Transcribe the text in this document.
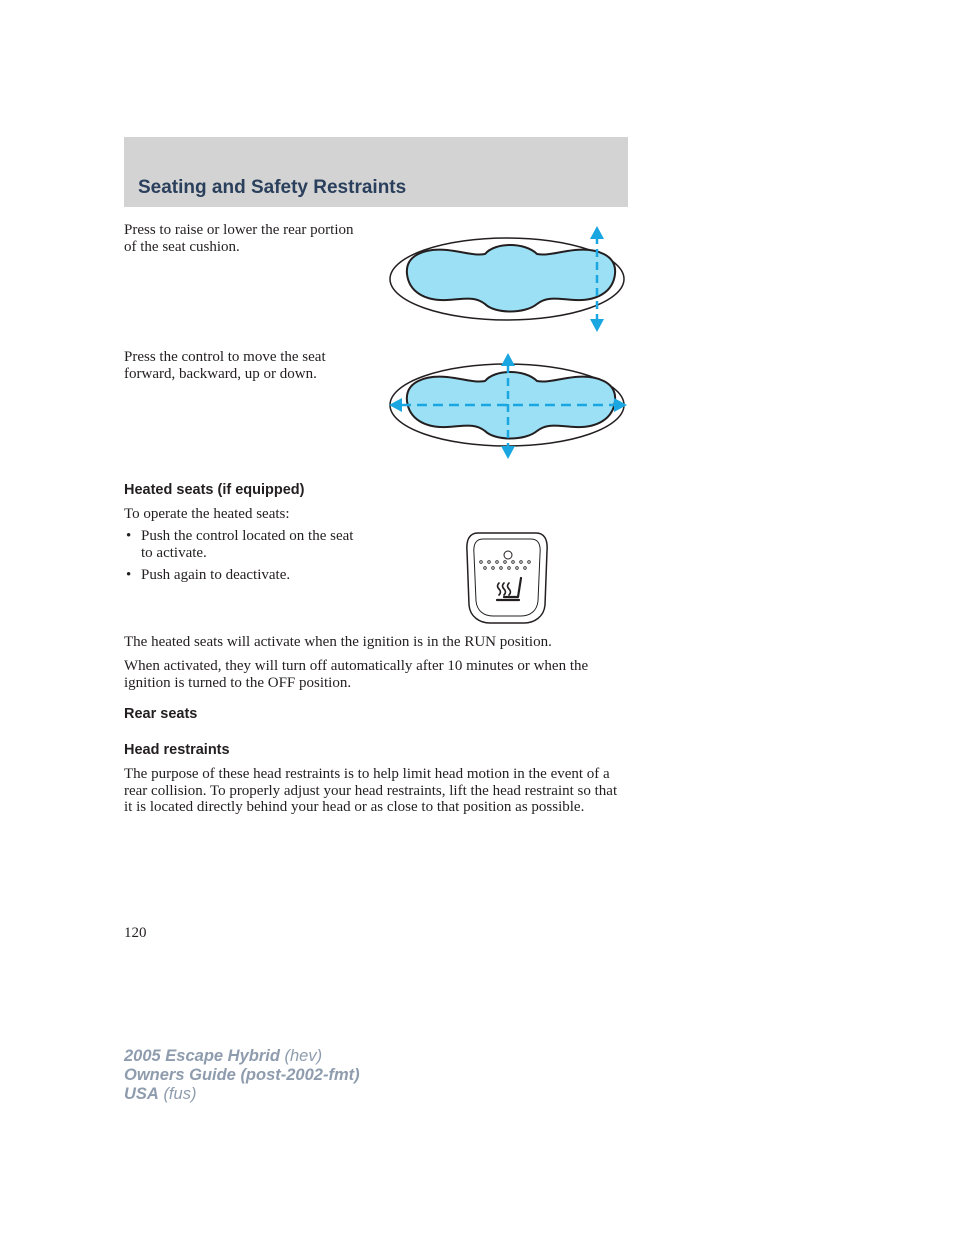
Seating and Safety Restraints

Press to raise or lower the rear portion of the seat cushion.

Press the control to move the seat forward, backward, up or down.

Heated seats (if equipped)

To operate the heated seats:

• Push the control located on the seat to activate.
• Push again to deactivate.

The heated seats will activate when the ignition is in the RUN position.

When activated, they will turn off automatically after 10 minutes or when the ignition is turned to the OFF position.

Rear seats
Head restraints

The purpose of these head restraints is to help limit head motion in the event of a rear collision. To properly adjust your head restraints, lift the head restraint so that it is located directly behind your head or as close to that position as possible.

120

2005 Escape Hybrid (hev)
Owners Guide (post-2002-fmt)
USA (fus)
